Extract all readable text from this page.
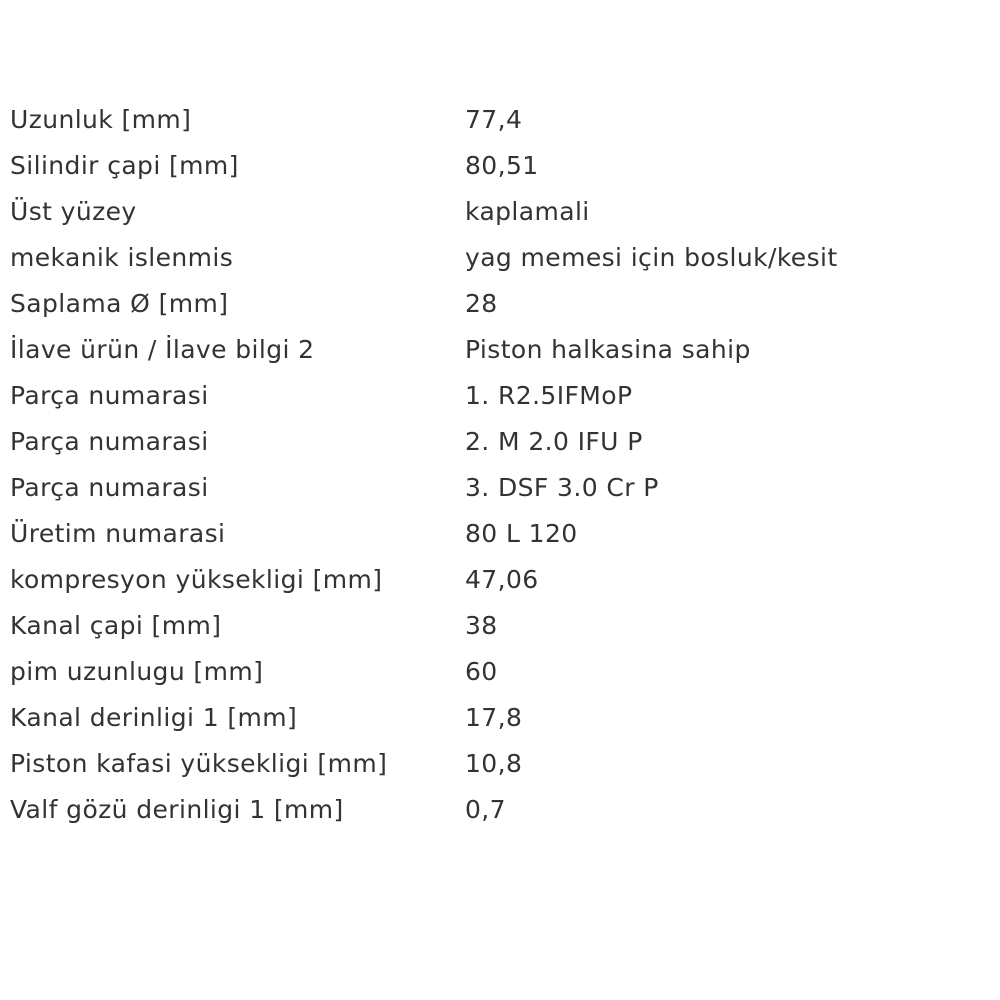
Uzunluk [mm]	77,4
Silindir çapi [mm]	80,51
Üst yüzey	kaplamali
mekanik islenmis	yag memesi için bosluk/kesit
Saplama Ø [mm]	28
İlave ürün / İlave bilgi 2	Piston halkasina sahip
Parça numarasi	1. R2.5IFMoP
Parça numarasi	2. M 2.0 IFU P
Parça numarasi	3. DSF 3.0 Cr P
Üretim numarasi	80 L 120
kompresyon yüksekligi [mm]	47,06
Kanal çapi [mm]	38
pim uzunlugu [mm]	60
Kanal derinligi 1 [mm]	17,8
Piston kafasi yüksekligi [mm]	10,8
Valf gözü derinligi 1 [mm]	0,7
